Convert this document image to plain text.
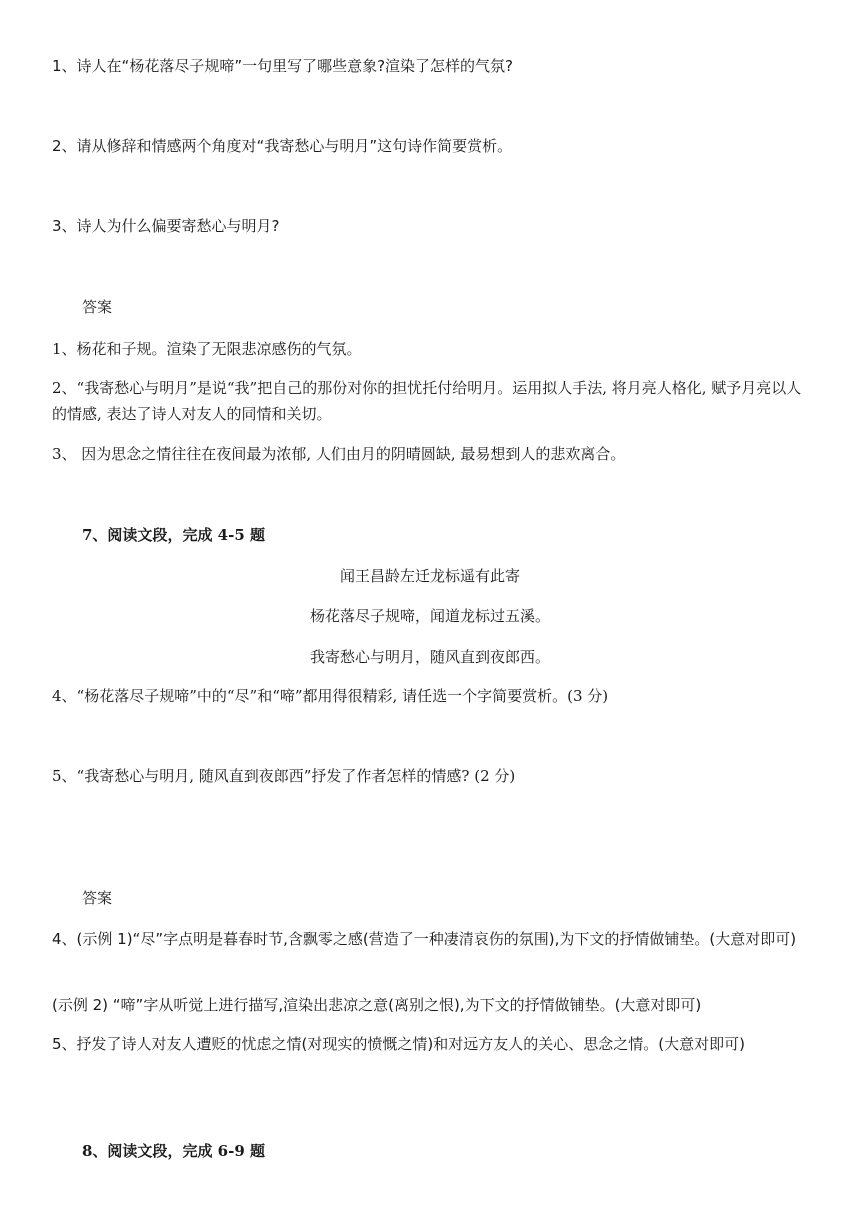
1、诗人在“杨花落尽子规啼”一句里写了哪些意象?渲染了怎样的气氛?
2、请从修辞和情感两个角度对“我寄愁心与明月”这句诗作简要赏析。
3、诗人为什么偏要寄愁心与明月?
答案
1、杨花和子规。渲染了无限悲凉感伤的气氛。
2、“我寄愁心与明月”是说“我”把自己的那份对你的担忧托付给明月。运用拟人手法, 将月亮人格化, 赋予月亮以人的情感, 表达了诗人对友人的同情和关切。
3、 因为思念之情往往在夜间最为浓郁, 人们由月的阴晴圆缺, 最易想到人的悲欢离合。
7、阅读文段，完成 4-5 题
闻王昌龄左迁龙标遥有此寄
杨花落尽子规啼，闻道龙标过五溪。
我寄愁心与明月，随风直到夜郎西。
4、“杨花落尽子规啼”中的“尽”和“啼”都用得很精彩, 请任选一个字简要赏析。(3 分)
5、“我寄愁心与明月, 随风直到夜郎西”抒发了作者怎样的情感? (2 分)
答案
4、(示例 1)“尽”字点明是暮春时节,含飘零之感(营造了一种凄清哀伤的氛围),为下文的抒情做铺垫。(大意对即可)
(示例 2) “啼”字从听觉上进行描写,渲染出悲凉之意(离别之恨),为下文的抒情做铺垫。(大意对即可)
5、抒发了诗人对友人遭贬的忧虑之情(对现实的愤慨之情)和对远方友人的关心、思念之情。(大意对即可)
8、阅读文段，完成 6-9 题
